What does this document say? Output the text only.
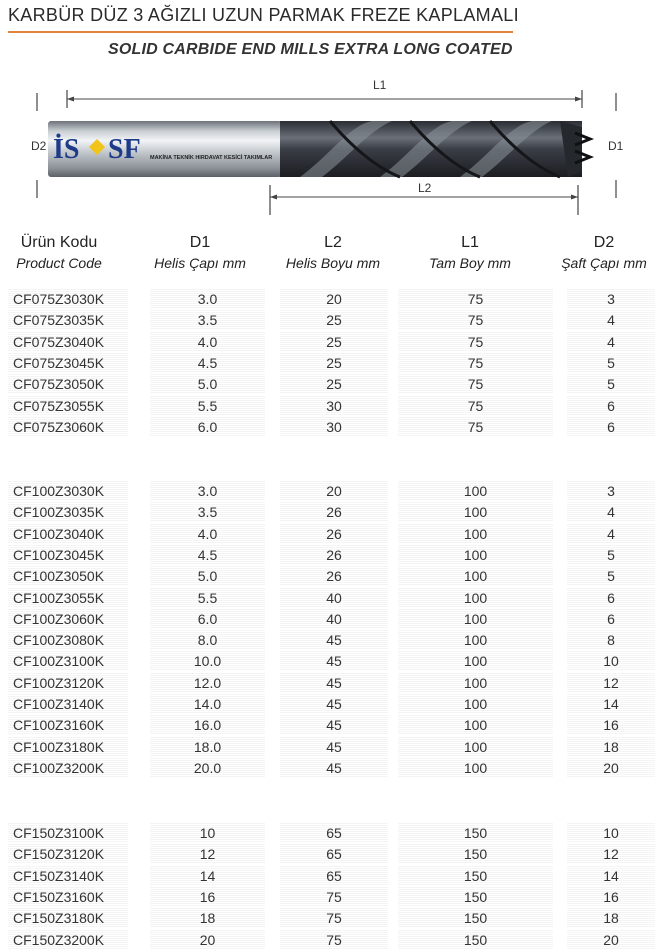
KARBÜR DÜZ 3 AĞIZLI UZUN PARMAK FREZE KAPLAMALI
SOLID CARBIDE END MILLS EXTRA LONG COATED
L1
D2	D1
L2
İS SF MAKİNA TEKNİK HIRDAVAT KESİCİ TAKIMLAR
Ürün Kodu
Product Code
D1
Helis Çapı mm
L2
Helis Boyu mm
L1
Tam Boy mm
D2
Şaft Çapı mm
CF075Z3030K	3.0	20	75	3
CF075Z3035K	3.5	25	75	4
CF075Z3040K	4.0	25	75	4
CF075Z3045K	4.5	25	75	5
CF075Z3050K	5.0	25	75	5
CF075Z3055K	5.5	30	75	6
CF075Z3060K	6.0	30	75	6
CF100Z3030K	3.0	20	100	3
CF100Z3035K	3.5	26	100	4
CF100Z3040K	4.0	26	100	4
CF100Z3045K	4.5	26	100	5
CF100Z3050K	5.0	26	100	5
CF100Z3055K	5.5	40	100	6
CF100Z3060K	6.0	40	100	6
CF100Z3080K	8.0	45	100	8
CF100Z3100K	10.0	45	100	10
CF100Z3120K	12.0	45	100	12
CF100Z3140K	14.0	45	100	14
CF100Z3160K	16.0	45	100	16
CF100Z3180K	18.0	45	100	18
CF100Z3200K	20.0	45	100	20
CF150Z3100K	10	65	150	10
CF150Z3120K	12	65	150	12
CF150Z3140K	14	65	150	14
CF150Z3160K	16	75	150	16
CF150Z3180K	18	75	150	18
CF150Z3200K	20	75	150	20
